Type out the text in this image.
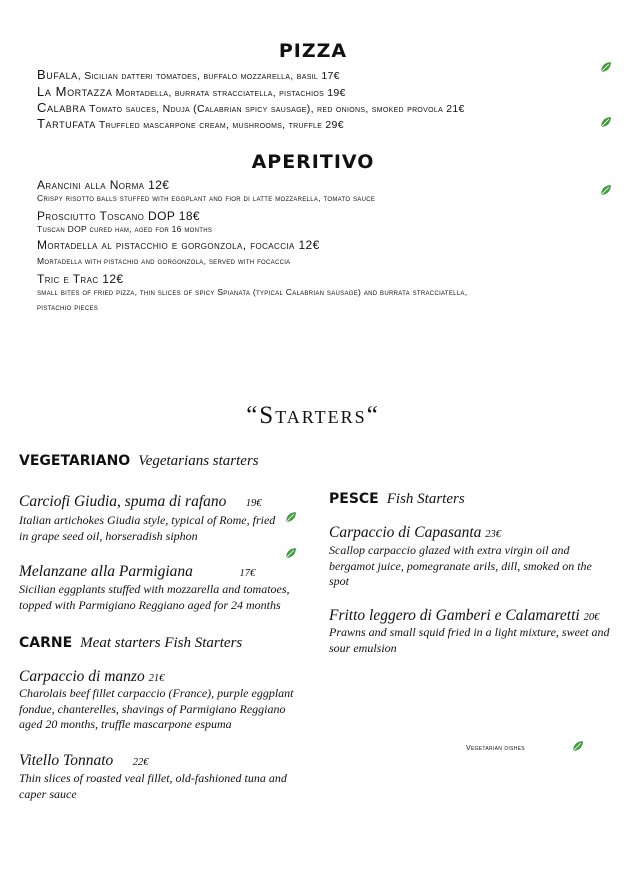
PIZZA
Bufala, Sicilian datteri tomatoes, buffalo mozzarella, basil 17€
La Mortazza Mortadella, burrata stracciatella, pistachios 19€
Calabra Tomato sauces, Nduja (Calabrian spicy sausage), red onions, smoked provola 21€
Tartufata Truffled mascarpone cream, mushrooms, truffle 29€
APERITIVO
Arancini alla Norma 12€
Crispy risotto balls stuffed with eggplant and fior di latte mozzarella, tomato sauce
Prosciutto Toscano DOP 18€
Tuscan DOP cured ham, aged for 16 months
Mortadella al pistacchio e gorgonzola, focaccia 12€
Mortadella with pistachio and gorgonzola, served with focaccia
Tric e Trac 12€
small bites of fried pizza, thin slices of spicy Spianata (typical Calabrian sausage) and burrata stracciatella,
pistachio pieces
“Starters“
VEGETARIANO Vegetarians starters
Carciofi Giudia, spuma di rafano 19€
Italian artichokes Giudia style, typical of Rome, fried in grape seed oil, horseradish siphon
Melanzane alla Parmigiana	17€
Sicilian eggplants stuffed with mozzarella and tomatoes, topped with Parmigiano Reggiano aged for 24 months
CARNE Meat starters Fish Starters
Carpaccio di manzo 21€
Charolais beef fillet carpaccio (France), purple eggplant fondue, chanterelles, shavings of Parmigiano Reggiano aged 20 months, truffle mascarpone espuma
Vitello Tonnato 22€
Thin slices of roasted veal fillet, old-fashioned tuna and caper sauce
PESCE Fish Starters
Carpaccio di Capasanta 23€
Scallop carpaccio glazed with extra virgin oil and bergamot juice, pomegranate arils, dill, smoked on the spot
Fritto leggero di Gamberi e Calamaretti 20€
Prawns and small squid fried in a light mixture, sweet and sour emulsion
Vegetarian dishes
